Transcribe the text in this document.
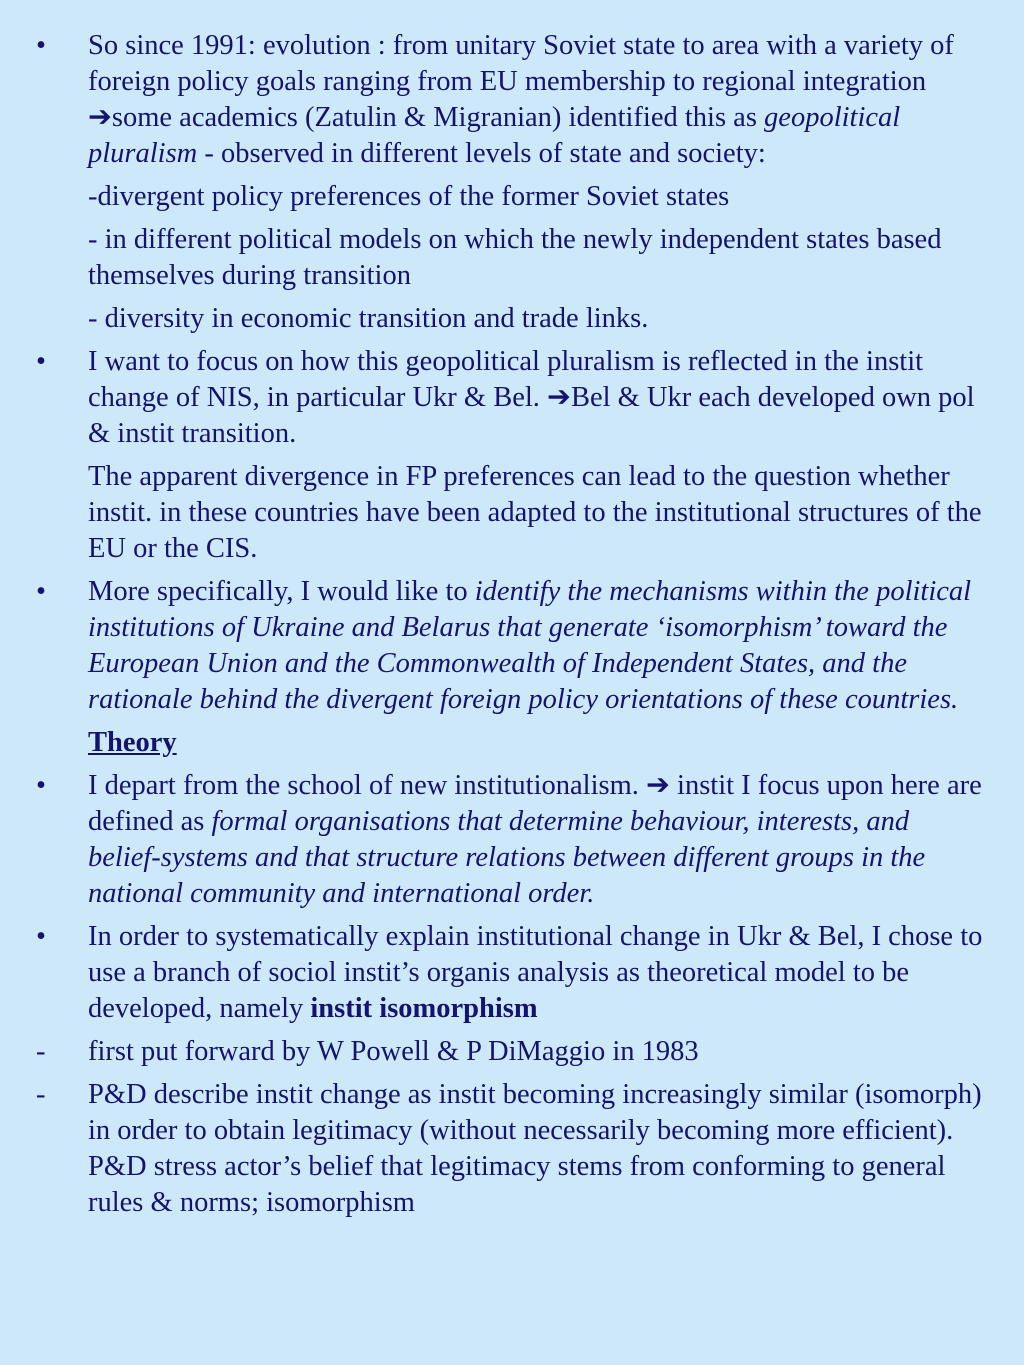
•	So since 1991: evolution : from unitary Soviet state to area with a variety of foreign policy goals ranging from EU membership to regional integration ➔some academics (Zatulin & Migranian) identified this as geopolitical pluralism - observed in different levels of state and society:
-divergent policy preferences of the former Soviet states
- in different political models on which the newly independent states based themselves during transition
- diversity in economic transition and trade links.
•	I want to focus on how this geopolitical pluralism is reflected in the instit change of NIS, in particular Ukr & Bel. ➔Bel & Ukr each developed own pol & instit transition.
The apparent divergence in FP preferences can lead to the question whether instit. in these countries have been adapted to the institutional structures of the EU or the CIS.
•	More specifically, I would like to identify the mechanisms within the political institutions of Ukraine and Belarus that generate ‘isomorphism’ toward the European Union and the Commonwealth of Independent States, and the rationale behind the divergent foreign policy orientations of these countries.
Theory
•	I depart from the school of new institutionalism. ➔ instit I focus upon here are defined as formal organisations that determine behaviour, interests, and belief-systems and that structure relations between different groups in the national community and international order.
•	In order to systematically explain institutional change in Ukr & Bel, I chose to use a branch of sociol instit’s organis analysis as theoretical model to be developed, namely instit isomorphism
-	first put forward by W Powell & P DiMaggio in 1983
-	P&D describe instit change as instit becoming increasingly similar (isomorph) in order to obtain legitimacy (without necessarily becoming more efficient). P&D stress actor’s belief that legitimacy stems from conforming to general rules & norms; isomorphism
